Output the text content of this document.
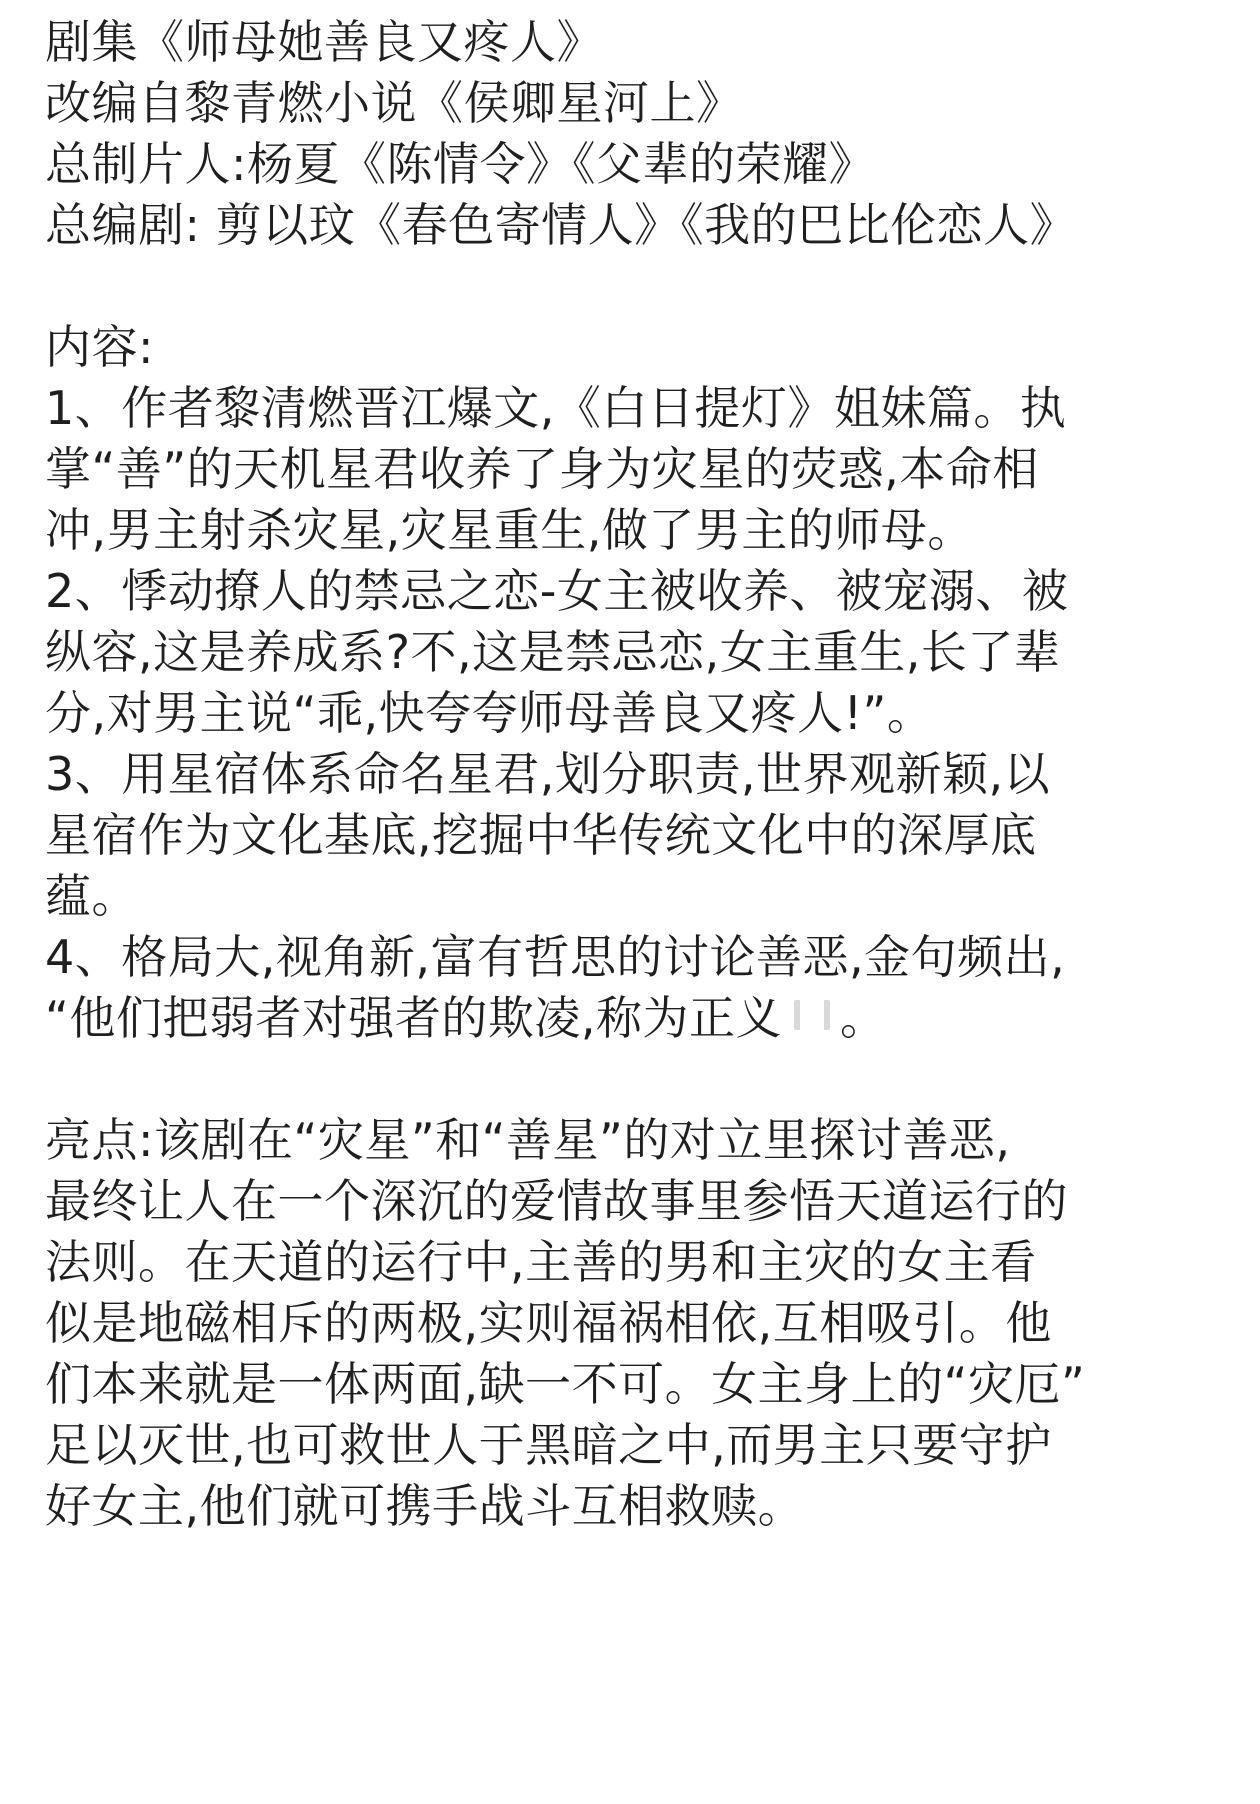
剧集《师母她善良又疼人》
改编自黎青燃小说《侯卿星河上》
总制片人:杨夏《陈情令》《父辈的荣耀》
总编剧: 剪以玟《春色寄情人》《我的巴比伦恋人》
内容:
1、作者黎清燃晋江爆文,《白日提灯》姐妹篇。执
掌“善”的天机星君收养了身为灾星的荧惑,本命相
冲,男主射杀灾星,灾星重生,做了男主的师母。
2、悸动撩人的禁忌之恋-女主被收养、被宠溺、被
纵容,这是养成系?不,这是禁忌恋,女主重生,长了辈
分,对男主说“乖,快夸夸师母善良又疼人!”。
3、用星宿体系命名星君,划分职责,世界观新颖,以
星宿作为文化基底,挖掘中华传统文化中的深厚底
蕴。
4、格局大,视角新,富有哲思的讨论善恶,金句频出,
“他们把弱者对强者的欺凌,称为正义 。
亮点:该剧在“灾星”和“善星”的对立里探讨善恶,
最终让人在一个深沉的爱情故事里参悟天道运行的
法则。在天道的运行中,主善的男和主灾的女主看
似是地磁相斥的两极,实则福祸相依,互相吸引。他
们本来就是一体两面,缺一不可。女主身上的“灾厄”
足以灭世,也可救世人于黑暗之中,而男主只要守护
好女主,他们就可携手战斗互相救赎。
